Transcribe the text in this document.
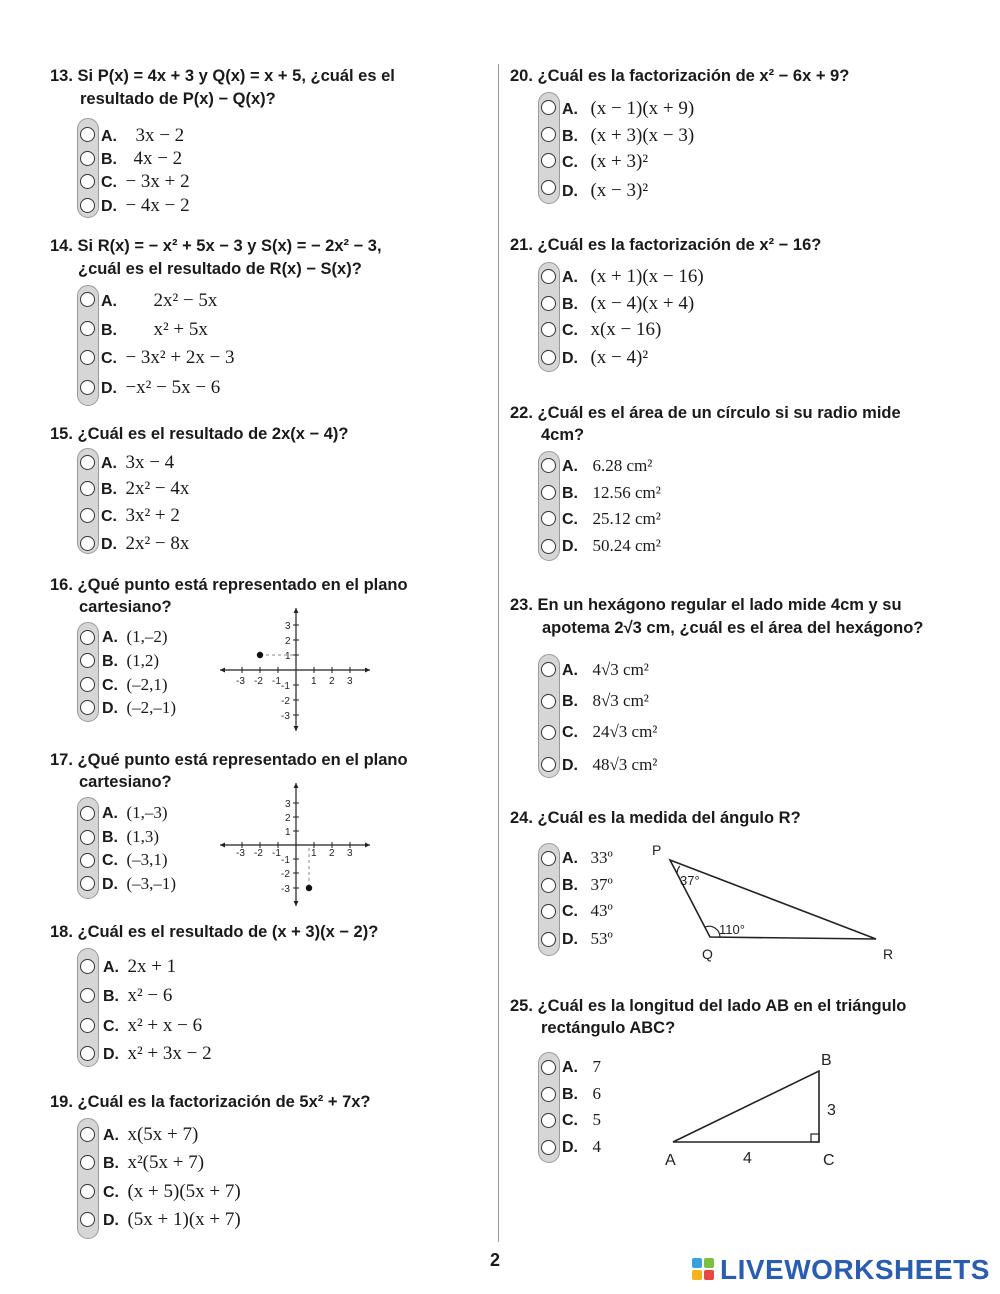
13. Si P(x) = 4x + 3 y Q(x) = x + 5, ¿cuál es el
resultado de P(x) − Q(x)?
A. 3x − 2
B. 4x − 2
C. − 3x + 2
D. − 4x − 2
14. Si R(x) = − x² + 5x − 3 y S(x) = − 2x² − 3,
¿cuál es el resultado de R(x) − S(x)?
A. 2x² − 5x
B. x² + 5x
C. − 3x² + 2x − 3
D. −x² − 5x − 6
15. ¿Cuál es el resultado de 2x(x − 4)?
A. 3x − 4
B. 2x² − 4x
C. 3x² + 2
D. 2x² − 8x
16. ¿Qué punto está representado en el plano
cartesiano?
A. (1,–2)
B. (1,2)
C. (–2,1)
D. (–2,–1)
-3 -2 -1	1 2 3
3
2
1
-1
-2
-3
17. ¿Qué punto está representado en el plano
cartesiano?
A. (1,–3)
B. (1,3)
C. (–3,1)
D. (–3,–1)
-3 -2 -1	1 2 3
3
2
1
-1
-2
-3
18. ¿Cuál es el resultado de (x + 3)(x − 2)?
A. 2x + 1
B. x² − 6
C. x² + x − 6
D. x² + 3x − 2
19. ¿Cuál es la factorización de 5x² + 7x?
A. x(5x + 7)
B. x²(5x + 7)
C. (x + 5)(5x + 7)
D. (5x + 1)(x + 7)
20. ¿Cuál es la factorización de x² − 6x + 9?
A. (x − 1)(x + 9)
B. (x + 3)(x − 3)
C. (x + 3)²
D. (x − 3)²
21. ¿Cuál es la factorización de x² − 16?
A. (x + 1)(x − 16)
B. (x − 4)(x + 4)
C. x(x − 16)
D. (x − 4)²
22. ¿Cuál es el área de un círculo si su radio mide
4cm?
A. 6.28 cm²
B. 12.56 cm²
C. 25.12 cm²
D. 50.24 cm²
23. En un hexágono regular el lado mide 4cm y su
apotema 2√3 cm, ¿cuál es el área del hexágono?
A. 4√3 cm²
B. 8√3 cm²
C. 24√3 cm²
D. 48√3 cm²
24. ¿Cuál es la medida del ángulo R?
A. 33º
B. 37º
C. 43º
D. 53º
P
Q	R
37°
110°
25. ¿Cuál es la longitud del lado AB en el triángulo
rectángulo ABC?
A. 7
B. 6
C. 5
D. 4
A
B
C
4
3
2	LIVEWORKSHEETS
